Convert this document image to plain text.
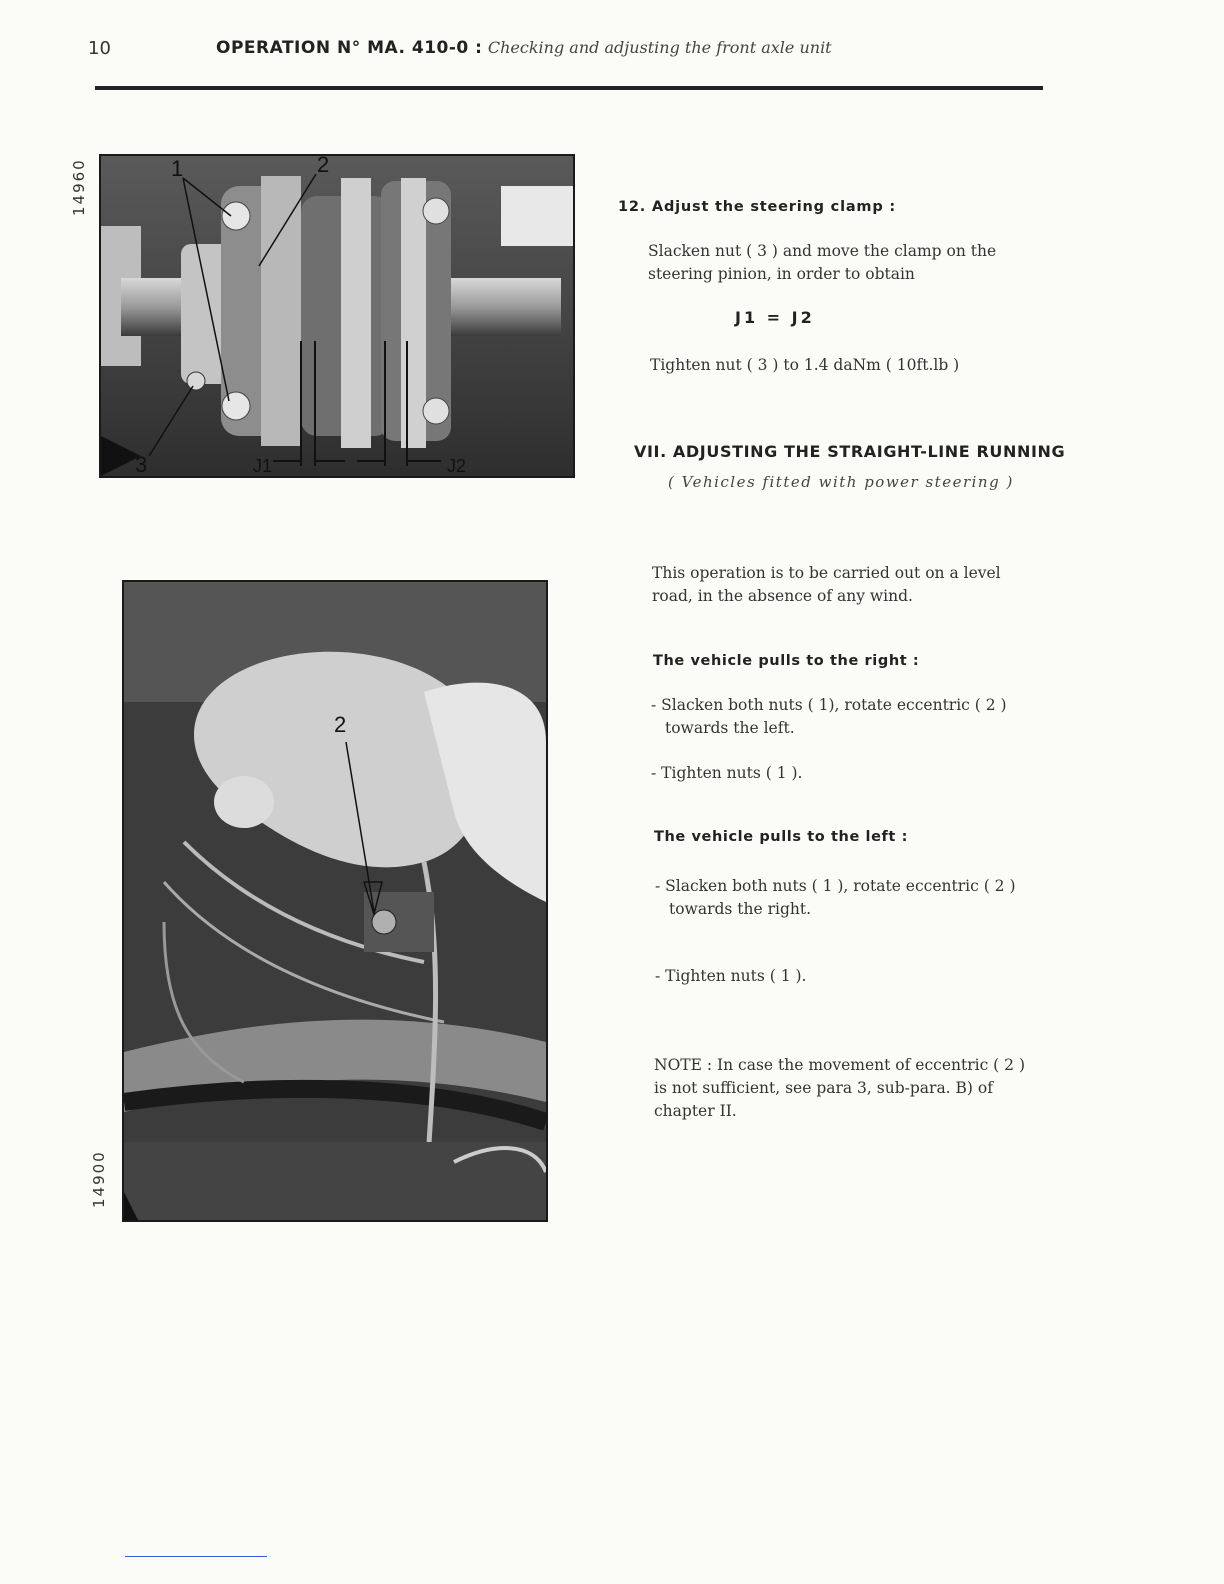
10	OPERATION N° MA. 410-0 : Checking and adjusting the front axle unit
14960	1	2
3	J1	J2
14900
2
12. Adjust the steering clamp :
Slacken nut ( 3 ) and move the clamp on the
steering pinion, in order to obtain
J1 = J2
Tighten nut ( 3 ) to 1.4 daNm ( 10ft.lb )
VII. ADJUSTING THE STRAIGHT-LINE RUNNING
( Vehicles fitted with power steering )
This operation is to be carried out on a level
road, in the absence of any wind.
The vehicle pulls to the right :
- Slacken both nuts ( 1), rotate eccentric ( 2 )
towards the left.
- Tighten nuts ( 1 ).
The vehicle pulls to the left :
- Slacken both nuts ( 1 ), rotate eccentric ( 2 )
towards the right.
- Tighten nuts ( 1 ).
NOTE : In case the movement of eccentric ( 2 )
is not sufficient, see para 3, sub-para. B) of
chapter II.
